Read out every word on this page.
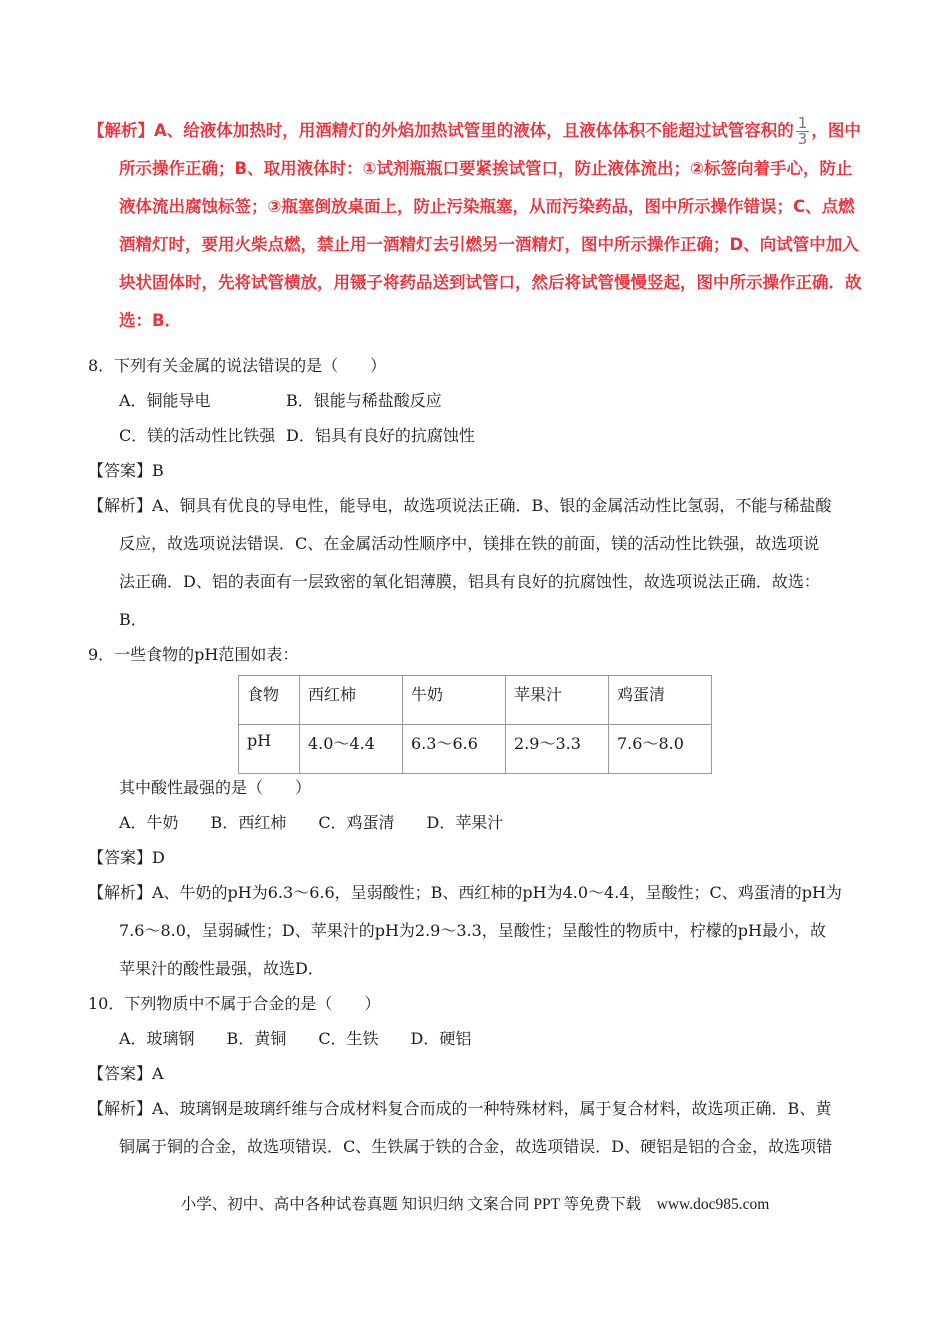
【解析】A、给液体加热时，用酒精灯的外焰加热试管里的液体，且液体体积不能超过试管容积的 $\frac{1}{3}$ ，图中
所示操作正确；B、取用液体时：①试剂瓶瓶口要紧挨试管口，防止液体流出；②标签向着手心，防止
液体流出腐蚀标签；③瓶塞倒放桌面上，防止污染瓶塞，从而污染药品，图中所示操作错误；C、点燃
酒精灯时，要用火柴点燃，禁止用一酒精灯去引燃另一酒精灯，图中所示操作正确；D、向试管中加入
块状固体时，先将试管横放，用镊子将药品送到试管口，然后将试管慢慢竖起，图中所示操作正确．故
选：B．
8．下列有关金属的说法错误的是（　　）
A．铜能导电	B．银能与稀盐酸反应
C．镁的活动性比铁强 D．铝具有良好的抗腐蚀性
【答案】B
【解析】A、铜具有优良的导电性，能导电，故选项说法正确．B、银的金属活动性比氢弱，不能与稀盐酸
反应，故选项说法错误．C、在金属活动性顺序中，镁排在铁的前面，镁的活动性比铁强，故选项说
法正确．D、铝的表面有一层致密的氧化铝薄膜，铝具有良好的抗腐蚀性，故选项说法正确．故选：
B．
9．一些食物的pH范围如表：
食物	西红柿	牛奶	苹果汁	鸡蛋清
pH	4.0～4.4	6.3～6.6	2.9～3.3	7.6～8.0
其中酸性最强的是（　　）
A．牛奶　　B．西红柿　　C．鸡蛋清　　D．苹果汁
【答案】D
【解析】A、牛奶的pH为6.3～6.6，呈弱酸性；B、西红柿的pH为4.0～4.4，呈酸性；C、鸡蛋清的pH为
7.6～8.0，呈弱碱性；D、苹果汁的pH为2.9～3.3，呈酸性；呈酸性的物质中，柠檬的pH最小，故
苹果汁的酸性最强，故选D．
10．下列物质中不属于合金的是（　　）
A．玻璃钢　　B．黄铜　　C．生铁　　D．硬铝
【答案】A
【解析】A、玻璃钢是玻璃纤维与合成材料复合而成的一种特殊材料，属于复合材料，故选项正确．B、黄
铜属于铜的合金，故选项错误．C、生铁属于铁的合金，故选项错误．D、硬铝是铝的合金，故选项错
小学、初中、高中各种试卷真题 知识归纳 文案合同 PPT 等免费下载　www.doc985.com
